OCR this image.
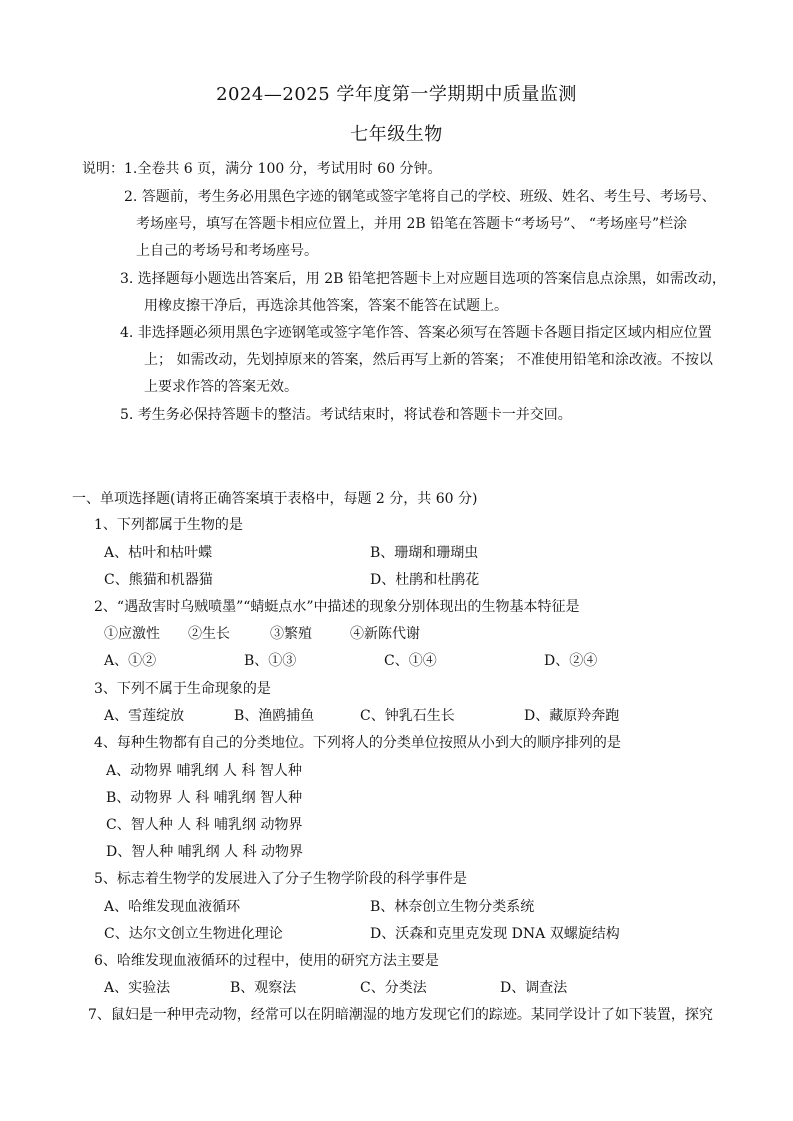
2024—2025 学年度第一学期期中质量监测
七年级生物
说明： 1.全卷共 6 页，满分 100 分，考试用时 60 分钟。
2. 答题前，考生务必用黑色字迹的钢笔或签字笔将自己的学校、班级、姓名、考生号、考场号、
考场座号，填写在答题卡相应位置上，并用 2B 铅笔在答题卡“考场号”、 “考场座号”栏涂
上自己的考场号和考场座号。
3. 选择题每小题选出答案后，用 2B 铅笔把答题卡上对应题目选项的答案信息点涂黑，如需改动，
用橡皮擦干净后，再选涂其他答案，答案不能答在试题上。
4. 非选择题必须用黑色字迹钢笔或签字笔作答、答案必须写在答题卡各题目指定区域内相应位置
上； 如需改动，先划掉原来的答案，然后再写上新的答案； 不准使用铅笔和涂改液。不按以
上要求作答的答案无效。
5. 考生务必保持答题卡的整洁。考试结束时，将试卷和答题卡一并交回。
一、单项选择题(请将正确答案填于表格中，每题 2 分，共 60 分)
1、下列都属于生物的是
A、枯叶和枯叶蝶	B、珊瑚和珊瑚虫
C、熊猫和机器猫	D、杜鹃和杜鹃花
2、“遇敌害时乌贼喷墨”“蜻蜓点水”中描述的现象分别体现出的生物基本特征是
①应激性 ②生长	③繁殖	④新陈代谢
A、①②	B、①③	C、①④	D、②④
3、下列不属于生命现象的是
A、雪莲绽放	B、渔鸥捕鱼	C、钟乳石生长	D、藏原羚奔跑
4、每种生物都有自己的分类地位。下列将人的分类单位按照从小到大的顺序排列的是
A、动物界 哺乳纲 人 科 智人种
B、动物界 人 科 哺乳纲 智人种
C、智人种 人 科 哺乳纲 动物界
D、智人种 哺乳纲 人 科 动物界
5、标志着生物学的发展进入了分子生物学阶段的科学事件是
A、哈维发现血液循环	B、林奈创立生物分类系统
C、达尔文创立生物进化理论	D、沃森和克里克发现 DNA 双螺旋结构
6、哈维发现血液循环的过程中，使用的研究方法主要是
A、实验法	B、观察法	C、分类法	D、调查法
7、鼠妇是一种甲壳动物，经常可以在阴暗潮湿的地方发现它们的踪迹。某同学设计了如下装置，探究
